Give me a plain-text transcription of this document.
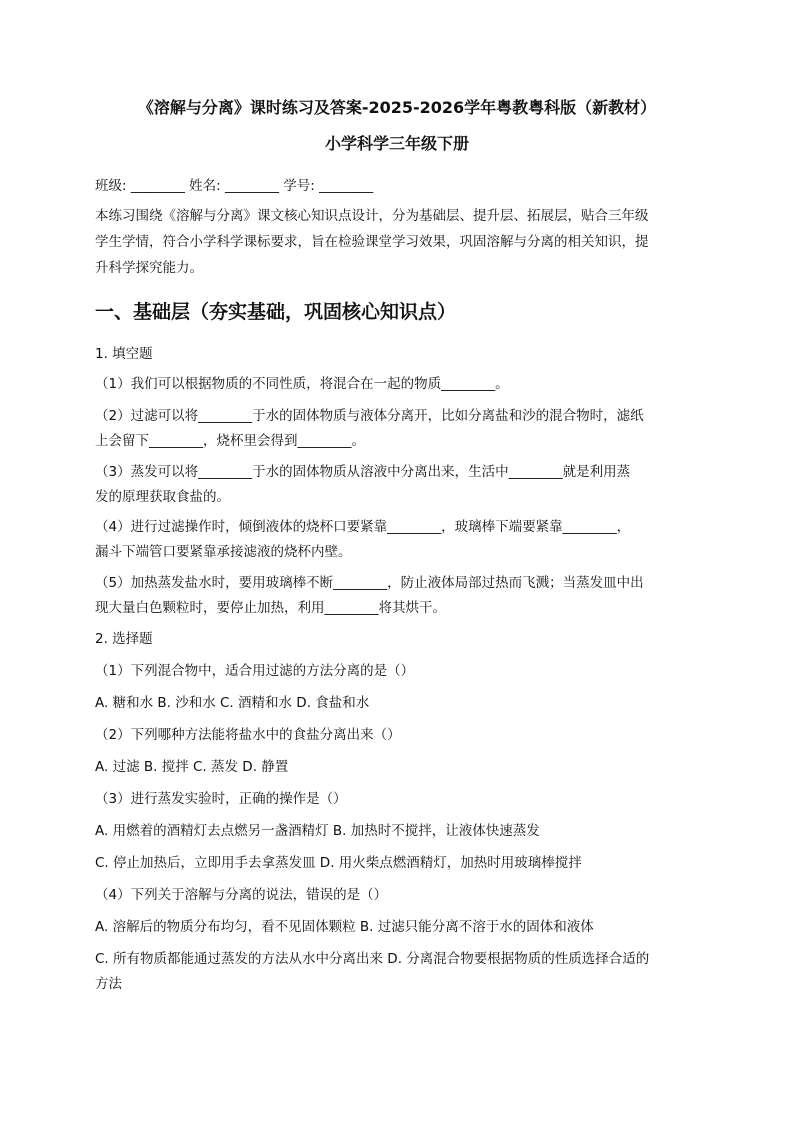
《溶解与分离》课时练习及答案-2025-2026学年粤教粤科版（新教材）
小学科学三年级下册
班级: ________ 姓名: ________ 学号: ________
本练习围绕《溶解与分离》课文核心知识点设计，分为基础层、提升层、拓展层，贴合三年级
学生学情，符合小学科学课标要求，旨在检验课堂学习效果，巩固溶解与分离的相关知识，提
升科学探究能力。
一、基础层（夯实基础，巩固核心知识点）
1. 填空题
（1）我们可以根据物质的不同性质，将混合在一起的物质________。
（2）过滤可以将________于水的固体物质与液体分离开，比如分离盐和沙的混合物时，滤纸
上会留下________，烧杯里会得到________。
（3）蒸发可以将________于水的固体物质从溶液中分离出来，生活中________就是利用蒸
发的原理获取食盐的。
（4）进行过滤操作时，倾倒液体的烧杯口要紧靠________，玻璃棒下端要紧靠________，
漏斗下端管口要紧靠承接滤液的烧杯内壁。
（5）加热蒸发盐水时，要用玻璃棒不断________，防止液体局部过热而飞溅；当蒸发皿中出
现大量白色颗粒时，要停止加热，利用________将其烘干。
2. 选择题
（1）下列混合物中，适合用过滤的方法分离的是（）
A. 糖和水 B. 沙和水 C. 酒精和水 D. 食盐和水
（2）下列哪种方法能将盐水中的食盐分离出来（）
A. 过滤 B. 搅拌 C. 蒸发 D. 静置
（3）进行蒸发实验时，正确的操作是（）
A. 用燃着的酒精灯去点燃另一盏酒精灯 B. 加热时不搅拌，让液体快速蒸发
C. 停止加热后，立即用手去拿蒸发皿 D. 用火柴点燃酒精灯，加热时用玻璃棒搅拌
（4）下列关于溶解与分离的说法，错误的是（）
A. 溶解后的物质分布均匀，看不见固体颗粒 B. 过滤只能分离不溶于水的固体和液体
C. 所有物质都能通过蒸发的方法从水中分离出来 D. 分离混合物要根据物质的性质选择合适的
方法
